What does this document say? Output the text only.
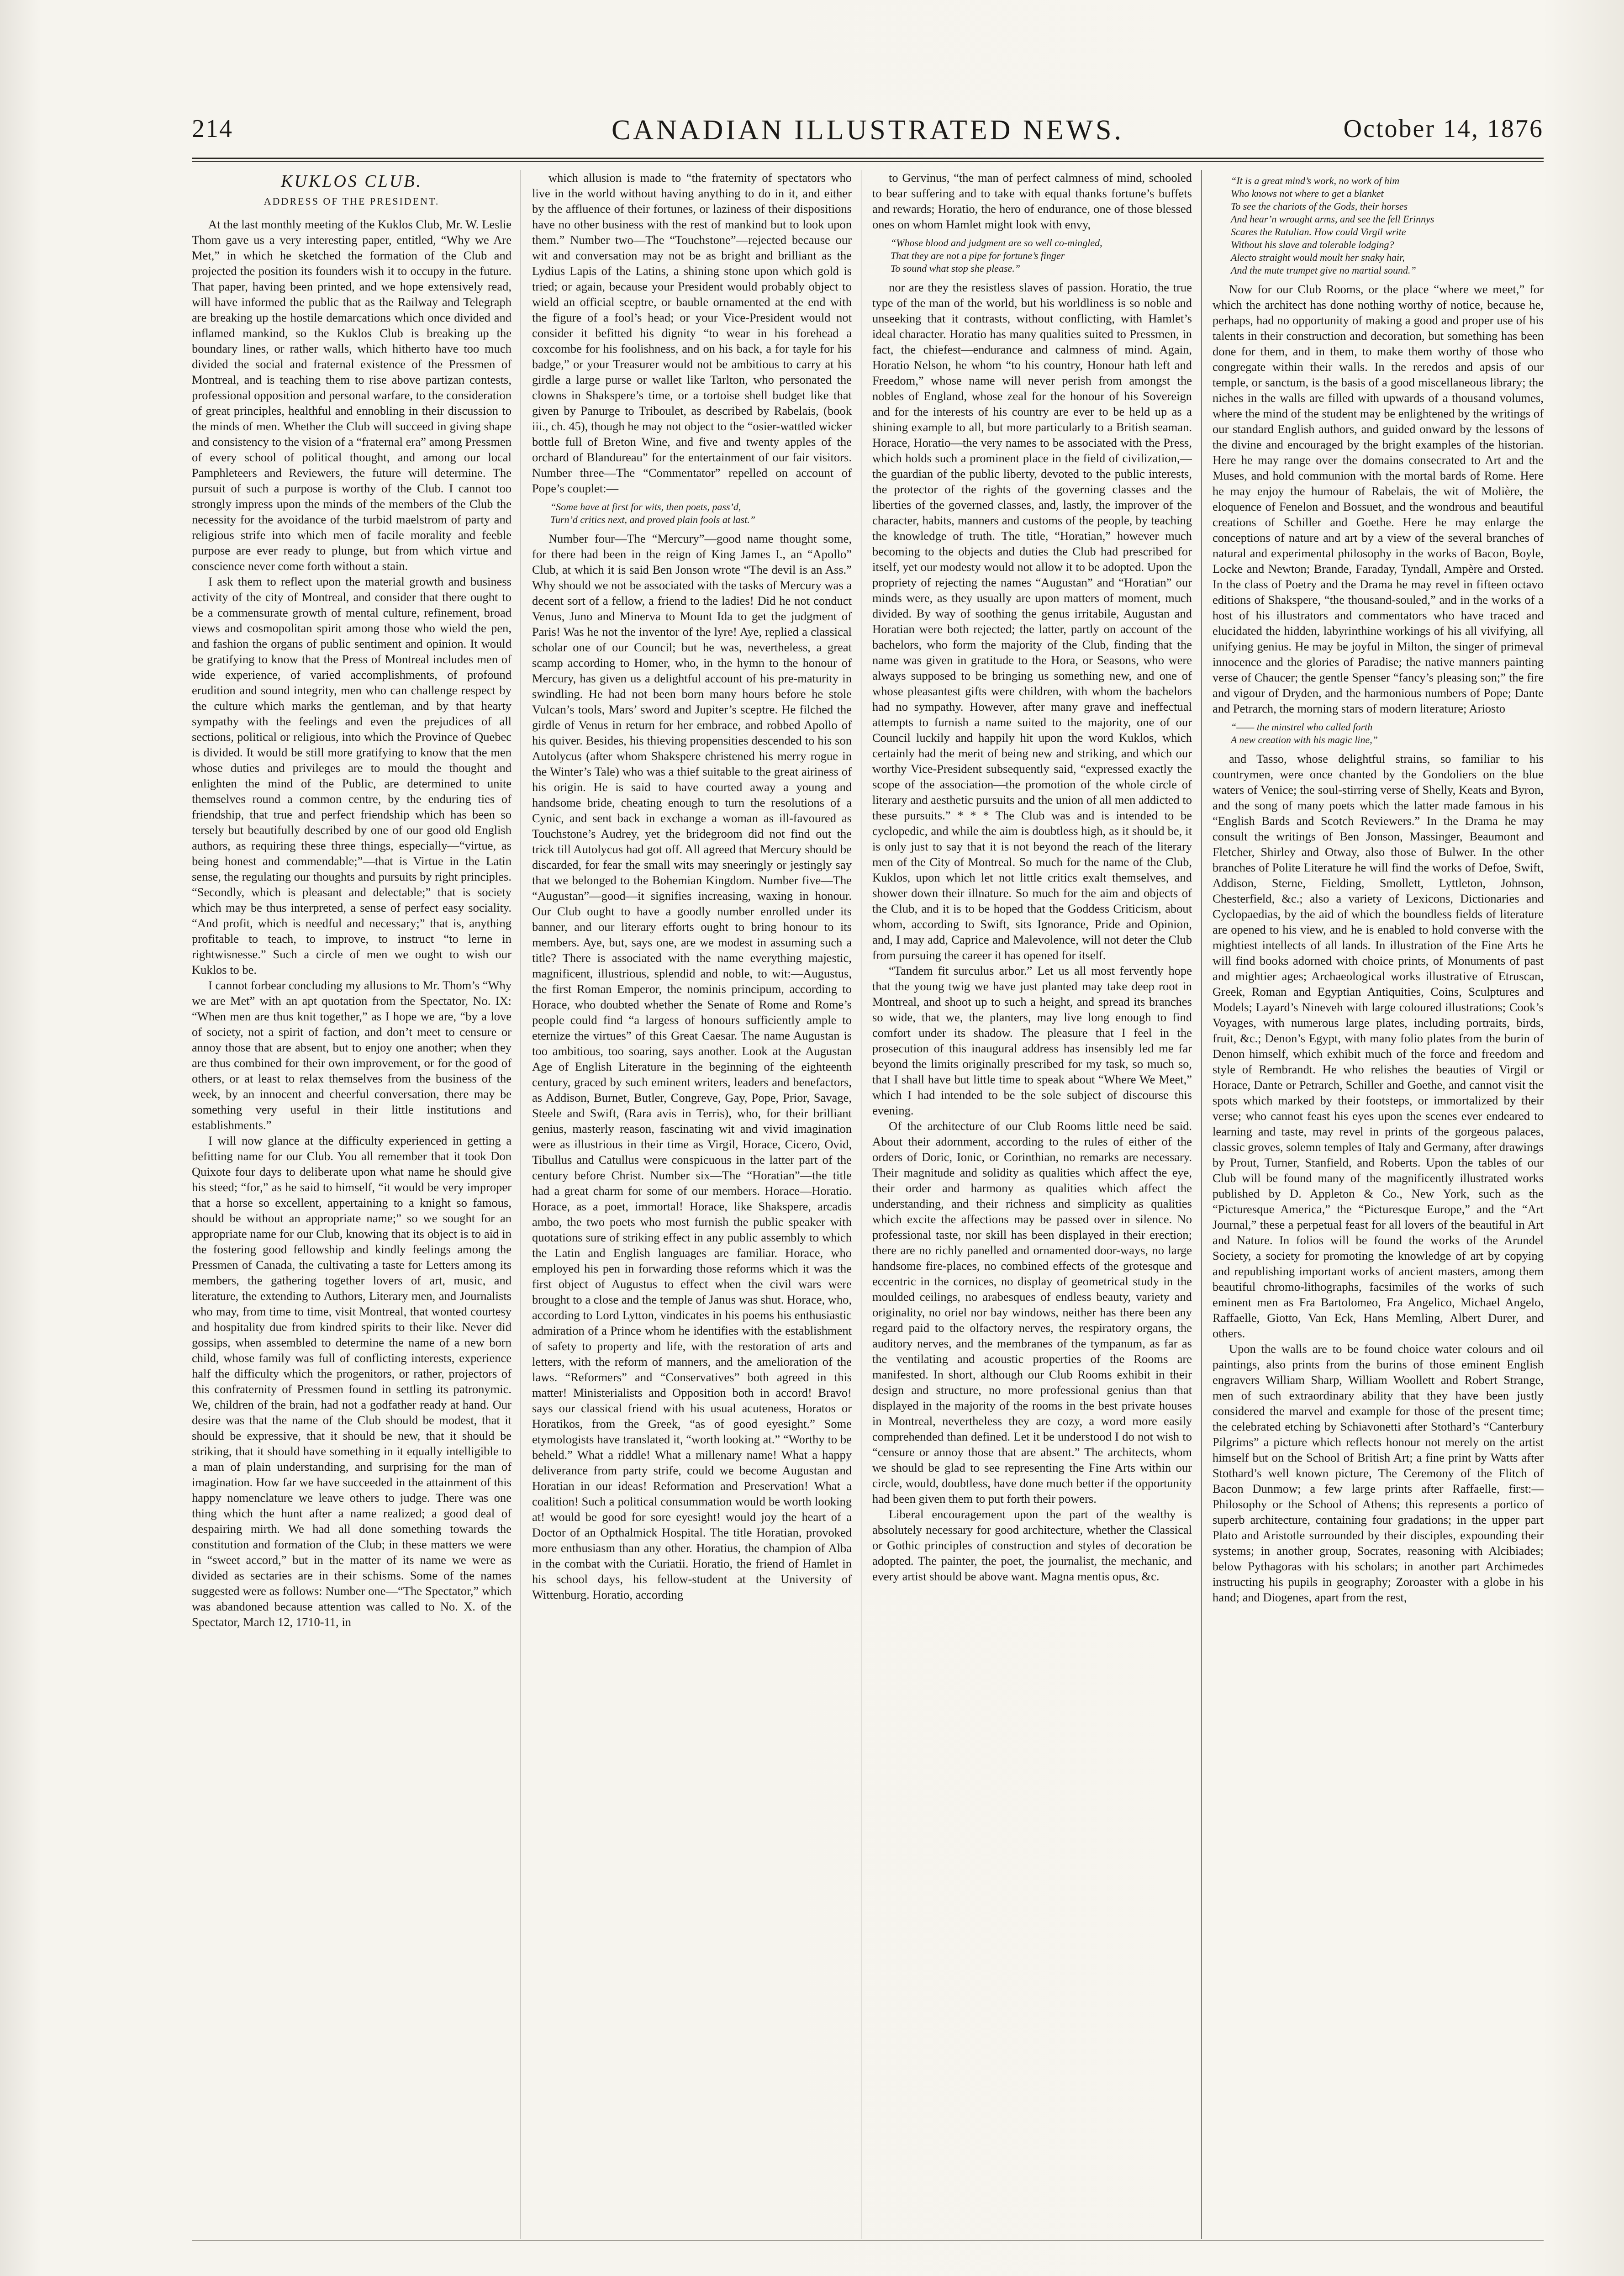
214	CANADIAN ILLUSTRATED NEWS.	October 14, 1876
KUKLOS CLUB.
ADDRESS OF THE PRESIDENT.

At the last monthly meeting of the Kuklos Club, Mr. W. Leslie Thom gave us a very interesting paper, entitled, “Why we Are Met,” in which he sketched the formation of the Club and projected the position its founders wish it to occupy in the future. That paper, having been printed, and we hope extensively read, will have informed the public that as the Railway and Telegraph are breaking up the hostile demarcations which once divided and inflamed mankind, so the Kuklos Club is breaking up the boundary lines, or rather walls, which hitherto have too much divided the social and fraternal existence of the Pressmen of Montreal, and is teaching them to rise above partizan contests, professional opposition and personal warfare, to the consideration of great principles, healthful and ennobling in their discussion to the minds of men. Whether the Club will succeed in giving shape and consistency to the vision of a “fraternal era” among Pressmen of every school of political thought, and among our local Pamphleteers and Reviewers, the future will determine. The pursuit of such a purpose is worthy of the Club. I cannot too strongly impress upon the minds of the members of the Club the necessity for the avoidance of the turbid maelstrom of party and religious strife into which men of facile morality and feeble purpose are ever ready to plunge, but from which virtue and conscience never come forth without a stain.

I ask them to reflect upon the material growth and business activity of the city of Montreal, and consider that there ought to be a commensurate growth of mental culture, refinement, broad views and cosmopolitan spirit among those who wield the pen, and fashion the organs of public sentiment and opinion. It would be gratifying to know that the Press of Montreal includes men of wide experience, of varied accomplishments, of profound erudition and sound integrity, men who can challenge respect by the culture which marks the gentleman, and by that hearty sympathy with the feelings and even the prejudices of all sections, political or religious, into which the Province of Quebec is divided. It would be still more gratifying to know that the men whose duties and privileges are to mould the thought and enlighten the mind of the Public, are determined to unite themselves round a common centre, by the enduring ties of friendship, that true and perfect friendship which has been so tersely but beautifully described by one of our good old English authors, as requiring these three things, especially—“virtue, as being honest and commendable;”—that is Virtue in the Latin sense, the regulating our thoughts and pursuits by right principles. “Secondly, which is pleasant and delectable;” that is society which may be thus interpreted, a sense of perfect easy sociality. “And profit, which is needful and necessary;” that is, anything profitable to teach, to improve, to instruct “to lerne in rightwisnesse.” Such a circle of men we ought to wish our Kuklos to be.

I cannot forbear concluding my allusions to Mr. Thom’s “Why we are Met” with an apt quotation from the Spectator, No. IX: “When men are thus knit together,” as I hope we are, “by a love of society, not a spirit of faction, and don’t meet to censure or annoy those that are absent, but to enjoy one another; when they are thus combined for their own improvement, or for the good of others, or at least to relax themselves from the business of the week, by an innocent and cheerful conversation, there may be something very useful in their little institutions and establishments.”

I will now glance at the difficulty experienced in getting a befitting name for our Club. You all remember that it took Don Quixote four days to deliberate upon what name he should give his steed; “for,” as he said to himself, “it would be very improper that a horse so excellent, appertaining to a knight so famous, should be without an appropriate name;” so we sought for an appropriate name for our Club, knowing that its object is to aid in the fostering good fellowship and kindly feelings among the Pressmen of Canada, the cultivating a taste for Letters among its members, the gathering together lovers of art, music, and literature, the extending to Authors, Literary men, and Journalists who may, from time to time, visit Montreal, that wonted courtesy and hospitality due from kindred spirits to their like. Never did gossips, when assembled to determine the name of a new born child, whose family was full of conflicting interests, experience half the difficulty which the progenitors, or rather, projectors of this confraternity of Pressmen found in settling its patronymic. We, children of the brain, had not a godfather ready at hand. Our desire was that the name of the Club should be modest, that it should be expressive, that it should be new, that it should be striking, that it should have something in it equally intelligible to a man of plain understanding, and surprising for the man of imagination. How far we have succeeded in the attainment of this happy nomenclature we leave others to judge. There was one thing which the hunt after a name realized; a good deal of despairing mirth. We had all done something towards the constitution and formation of the Club; in these matters we were in “sweet accord,” but in the matter of its name we were as divided as sectaries are in their schisms. Some of the names suggested were as follows: Number one—“The Spectator,” which was abandoned because attention was called to No. X. of the Spectator, March 12, 1710-11, in

which allusion is made to “the fraternity of spectators who live in the world without having anything to do in it, and either by the affluence of their fortunes, or laziness of their dispositions have no other business with the rest of mankind but to look upon them.” Number two—The “Touchstone”—rejected because our wit and conversation may not be as bright and brilliant as the Lydius Lapis of the Latins, a shining stone upon which gold is tried; or again, because your President would probably object to wield an official sceptre, or bauble ornamented at the end with the figure of a fool’s head; or your Vice-President would not consider it befitted his dignity “to wear in his forehead a coxcombe for his foolishness, and on his back, a for tayle for his badge,” or your Treasurer would not be ambitious to carry at his girdle a large purse or wallet like Tarlton, who personated the clowns in Shakspere’s time, or a tortoise shell budget like that given by Panurge to Triboulet, as described by Rabelais, (book iii., ch. 45), though he may not object to the “osier-wattled wicker bottle full of Breton Wine, and five and twenty apples of the orchard of Blandureau” for the entertainment of our fair visitors. Number three—The “Commentator” repelled on account of Pope’s couplet:—

“Some have at first for wits, then poets, pass’d,
Turn’d critics next, and proved plain fools at last.”

Number four—The “Mercury”—good name thought some, for there had been in the reign of King James I., an “Apollo” Club, at which it is said Ben Jonson wrote “The devil is an Ass.” Why should we not be associated with the tasks of Mercury was a decent sort of a fellow, a friend to the ladies! Did he not conduct Venus, Juno and Minerva to Mount Ida to get the judgment of Paris! Was he not the inventor of the lyre! Aye, replied a classical scholar one of our Council; but he was, nevertheless, a great scamp according to Homer, who, in the hymn to the honour of Mercury, has given us a delightful account of his pre-maturity in swindling. He had not been born many hours before he stole Vulcan’s tools, Mars’ sword and Jupiter’s sceptre. He filched the girdle of Venus in return for her embrace, and robbed Apollo of his quiver. Besides, his thieving propensities descended to his son Autolycus (after whom Shakspere christened his merry rogue in the Winter’s Tale) who was a thief suitable to the great airiness of his origin. He is said to have courted away a young and handsome bride, cheating enough to turn the resolutions of a Cynic, and sent back in exchange a woman as ill-favoured as Touchstone’s Audrey, yet the bridegroom did not find out the trick till Autolycus had got off. All agreed that Mercury should be discarded, for fear the small wits may sneeringly or jestingly say that we belonged to the Bohemian Kingdom. Number five—The “Augustan”—good—it signifies increasing, waxing in honour. Our Club ought to have a goodly number enrolled under its banner, and our literary efforts ought to bring honour to its members. Aye, but, says one, are we modest in assuming such a title? There is associated with the name everything majestic, magnificent, illustrious, splendid and noble, to wit:—Augustus, the first Roman Emperor, the nominis principum, according to Horace, who doubted whether the Senate of Rome and Rome’s people could find “a largess of honours sufficiently ample to eternize the virtues” of this Great Caesar. The name Augustan is too ambitious, too soaring, says another. Look at the Augustan Age of English Literature in the beginning of the eighteenth century, graced by such eminent writers, leaders and benefactors, as Addison, Burnet, Butler, Congreve, Gay, Pope, Prior, Savage, Steele and Swift, (Rara avis in Terris), who, for their brilliant genius, masterly reason, fascinating wit and vivid imagination were as illustrious in their time as Virgil, Horace, Cicero, Ovid, Tibullus and Catullus were conspicuous in the latter part of the century before Christ. Number six—The “Horatian”—the title had a great charm for some of our members. Horace—Horatio. Horace, as a poet, immortal! Horace, like Shakspere, arcadis ambo, the two poets who most furnish the public speaker with quotations sure of striking effect in any public assembly to which the Latin and English languages are familiar. Horace, who employed his pen in forwarding those reforms which it was the first object of Augustus to effect when the civil wars were brought to a close and the temple of Janus was shut. Horace, who, according to Lord Lytton, vindicates in his poems his enthusiastic admiration of a Prince whom he identifies with the establishment of safety to property and life, with the restoration of arts and letters, with the reform of manners, and the amelioration of the laws. “Reformers” and “Conservatives” both agreed in this matter! Ministerialists and Opposition both in accord! Bravo! says our classical friend with his usual acuteness, Horatos or Horatikos, from the Greek, “as of good eyesight.” Some etymologists have translated it, “worth looking at.” “Worthy to be beheld.” What a riddle! What a millenary name! What a happy deliverance from party strife, could we become Augustan and Horatian in our ideas! Reformation and Preservation! What a coalition! Such a political consummation would be worth looking at! would be good for sore eyesight! would joy the heart of a Doctor of an Opthalmick Hospital. The title Horatian, provoked more enthusiasm than any other. Horatius, the champion of Alba in the combat with the Curiatii. Horatio, the friend of Hamlet in his school days, his fellow-student at the University of Wittenburg. Horatio, according

to Gervinus, “the man of perfect calmness of mind, schooled to bear suffering and to take with equal thanks fortune’s buffets and rewards; Horatio, the hero of endurance, one of those blessed ones on whom Hamlet might look with envy,

“Whose blood and judgment are so well co-mingled,
That they are not a pipe for fortune’s finger
To sound what stop she please.”

nor are they the resistless slaves of passion. Horatio, the true type of the man of the world, but his worldliness is so noble and unseeking that it contrasts, without conflicting, with Hamlet’s ideal character. Horatio has many qualities suited to Pressmen, in fact, the chiefest—endurance and calmness of mind. Again, Horatio Nelson, he whom “to his country, Honour hath left and Freedom,” whose name will never perish from amongst the nobles of England, whose zeal for the honour of his Sovereign and for the interests of his country are ever to be held up as a shining example to all, but more particularly to a British seaman. Horace, Horatio—the very names to be associated with the Press, which holds such a prominent place in the field of civilization,—the guardian of the public liberty, devoted to the public interests, the protector of the rights of the governing classes and the liberties of the governed classes, and, lastly, the improver of the character, habits, manners and customs of the people, by teaching the knowledge of truth. The title, “Horatian,” however much becoming to the objects and duties the Club had prescribed for itself, yet our modesty would not allow it to be adopted. Upon the propriety of rejecting the names “Augustan” and “Horatian” our minds were, as they usually are upon matters of moment, much divided. By way of soothing the genus irritabile, Augustan and Horatian were both rejected; the latter, partly on account of the bachelors, who form the majority of the Club, finding that the name was given in gratitude to the Hora, or Seasons, who were always supposed to be bringing us something new, and one of whose pleasantest gifts were children, with whom the bachelors had no sympathy. However, after many grave and ineffectual attempts to furnish a name suited to the majority, one of our Council luckily and happily hit upon the word Kuklos, which certainly had the merit of being new and striking, and which our worthy Vice-President subsequently said, “expressed exactly the scope of the association—the promotion of the whole circle of literary and aesthetic pursuits and the union of all men addicted to these pursuits.” * * * The Club was and is intended to be cyclopedic, and while the aim is doubtless high, as it should be, it is only just to say that it is not beyond the reach of the literary men of the City of Montreal. So much for the name of the Club, Kuklos, upon which let not little critics exalt themselves, and shower down their illnature. So much for the aim and objects of the Club, and it is to be hoped that the Goddess Criticism, about whom, according to Swift, sits Ignorance, Pride and Opinion, and, I may add, Caprice and Malevolence, will not deter the Club from pursuing the career it has opened for itself.

“Tandem fit surculus arbor.” Let us all most fervently hope that the young twig we have just planted may take deep root in Montreal, and shoot up to such a height, and spread its branches so wide, that we, the planters, may live long enough to find comfort under its shadow. The pleasure that I feel in the prosecution of this inaugural address has insensibly led me far beyond the limits originally prescribed for my task, so much so, that I shall have but little time to speak about “Where We Meet,” which I had intended to be the sole subject of discourse this evening.

Of the architecture of our Club Rooms little need be said. About their adornment, according to the rules of either of the orders of Doric, Ionic, or Corinthian, no remarks are necessary. Their magnitude and solidity as qualities which affect the eye, their order and harmony as qualities which affect the understanding, and their richness and simplicity as qualities which excite the affections may be passed over in silence. No professional taste, nor skill has been displayed in their erection; there are no richly panelled and ornamented door-ways, no large handsome fire-places, no combined effects of the grotesque and eccentric in the cornices, no display of geometrical study in the moulded ceilings, no arabesques of endless beauty, variety and originality, no oriel nor bay windows, neither has there been any regard paid to the olfactory nerves, the respiratory organs, the auditory nerves, and the membranes of the tympanum, as far as the ventilating and acoustic properties of the Rooms are manifested. In short, although our Club Rooms exhibit in their design and structure, no more professional genius than that displayed in the majority of the rooms in the best private houses in Montreal, nevertheless they are cozy, a word more easily comprehended than defined. Let it be understood I do not wish to “censure or annoy those that are absent.” The architects, whom we should be glad to see representing the Fine Arts within our circle, would, doubtless, have done much better if the opportunity had been given them to put forth their powers.

Liberal encouragement upon the part of the wealthy is absolutely necessary for good architecture, whether the Classical or Gothic principles of construction and styles of decoration be adopted. The painter, the poet, the journalist, the mechanic, and every artist should be above want. Magna mentis opus, &c.

“It is a great mind’s work, no work of him
Who knows not where to get a blanket
To see the chariots of the Gods, their horses
And hear’n wrought arms, and see the fell Erinnys
Scares the Rutulian. How could Virgil write
Without his slave and tolerable lodging?
Alecto straight would moult her snaky hair,
And the mute trumpet give no martial sound.”

Now for our Club Rooms, or the place “where we meet,” for which the architect has done nothing worthy of notice, because he, perhaps, had no opportunity of making a good and proper use of his talents in their construction and decoration, but something has been done for them, and in them, to make them worthy of those who congregate within their walls. In the reredos and apsis of our temple, or sanctum, is the basis of a good miscellaneous library; the niches in the walls are filled with upwards of a thousand volumes, where the mind of the student may be enlightened by the writings of our standard English authors, and guided onward by the lessons of the divine and encouraged by the bright examples of the historian. Here he may range over the domains consecrated to Art and the Muses, and hold communion with the mortal bards of Rome. Here he may enjoy the humour of Rabelais, the wit of Molière, the eloquence of Fenelon and Bossuet, and the wondrous and beautiful creations of Schiller and Goethe. Here he may enlarge the conceptions of nature and art by a view of the several branches of natural and experimental philosophy in the works of Bacon, Boyle, Locke and Newton; Brande, Faraday, Tyndall, Ampère and Orsted. In the class of Poetry and the Drama he may revel in fifteen octavo editions of Shakspere, “the thousand-souled,” and in the works of a host of his illustrators and commentators who have traced and elucidated the hidden, labyrinthine workings of his all vivifying, all unifying genius. He may be joyful in Milton, the singer of primeval innocence and the glories of Paradise; the native manners painting verse of Chaucer; the gentle Spenser “fancy’s pleasing son;” the fire and vigour of Dryden, and the harmonious numbers of Pope; Dante and Petrarch, the morning stars of modern literature; Ariosto

“—— the minstrel who called forth
A new creation with his magic line,”

and Tasso, whose delightful strains, so familiar to his countrymen, were once chanted by the Gondoliers on the blue waters of Venice; the soul-stirring verse of Shelly, Keats and Byron, and the song of many poets which the latter made famous in his “English Bards and Scotch Reviewers.” In the Drama he may consult the writings of Ben Jonson, Massinger, Beaumont and Fletcher, Shirley and Otway, also those of Bulwer. In the other branches of Polite Literature he will find the works of Defoe, Swift, Addison, Sterne, Fielding, Smollett, Lyttleton, Johnson, Chesterfield, &c.; also a variety of Lexicons, Dictionaries and Cyclopaedias, by the aid of which the boundless fields of literature are opened to his view, and he is enabled to hold converse with the mightiest intellects of all lands. In illustration of the Fine Arts he will find books adorned with choice prints, of Monuments of past and mightier ages; Archaeological works illustrative of Etruscan, Greek, Roman and Egyptian Antiquities, Coins, Sculptures and Models; Layard’s Nineveh with large coloured illustrations; Cook’s Voyages, with numerous large plates, including portraits, birds, fruit, &c.; Denon’s Egypt, with many folio plates from the burin of Denon himself, which exhibit much of the force and freedom and style of Rembrandt. He who relishes the beauties of Virgil or Horace, Dante or Petrarch, Schiller and Goethe, and cannot visit the spots which marked by their footsteps, or immortalized by their verse; who cannot feast his eyes upon the scenes ever endeared to learning and taste, may revel in prints of the gorgeous palaces, classic groves, solemn temples of Italy and Germany, after drawings by Prout, Turner, Stanfield, and Roberts. Upon the tables of our Club will be found many of the magnificently illustrated works published by D. Appleton & Co., New York, such as the “Picturesque America,” the “Picturesque Europe,” and the “Art Journal,” these a perpetual feast for all lovers of the beautiful in Art and Nature. In folios will be found the works of the Arundel Society, a society for promoting the knowledge of art by copying and republishing important works of ancient masters, among them beautiful chromo-lithographs, facsimiles of the works of such eminent men as Fra Bartolomeo, Fra Angelico, Michael Angelo, Raffaelle, Giotto, Van Eck, Hans Memling, Albert Durer, and others.

Upon the walls are to be found choice water colours and oil paintings, also prints from the burins of those eminent English engravers William Sharp, William Woollett and Robert Strange, men of such extraordinary ability that they have been justly considered the marvel and example for those of the present time; the celebrated etching by Schiavonetti after Stothard’s “Canterbury Pilgrims” a picture which reflects honour not merely on the artist himself but on the School of British Art; a fine print by Watts after Stothard’s well known picture, The Ceremony of the Flitch of Bacon Dunmow; a few large prints after Raffaelle, first:—Philosophy or the School of Athens; this represents a portico of superb architecture, containing four gradations; in the upper part Plato and Aristotle surrounded by their disciples, expounding their systems; in another group, Socrates, reasoning with Alcibiades; below Pythagoras with his scholars; in another part Archimedes instructing his pupils in geography; Zoroaster with a globe in his hand; and Diogenes, apart from the rest,
